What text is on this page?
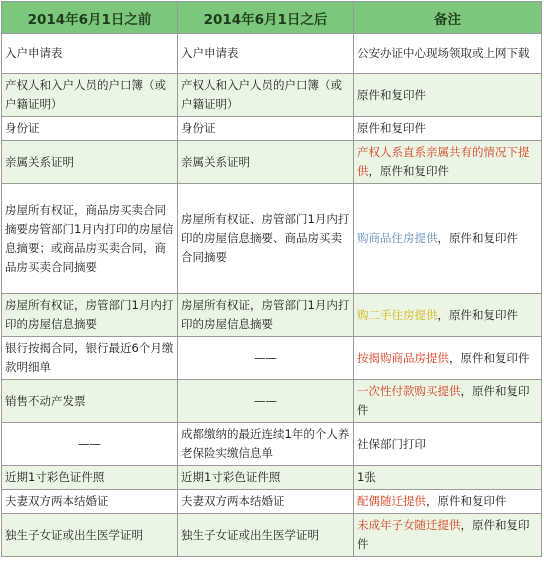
2014年6月1日之前	2014年6月1日之后	备注
入户申请表	入户申请表	公安办证中心现场领取或上网下载
产权人和入户人员的户口簿（或户籍证明）	产权人和入户人员的户口簿（或户籍证明）	原件和复印件
身份证	身份证	原件和复印件
亲属关系证明	亲属关系证明	产权人系直系亲属共有的情况下提供，原件和复印件
房屋所有权证，商品房买卖合同摘要房管部门1月内打印的房屋信息摘要；或商品房买卖合同，商品房买卖合同摘要	房屋所有权证、房管部门1月内打印的房屋信息摘要、商品房买卖合同摘要	购商品住房提供，原件和复印件
房屋所有权证，房管部门1月内打印的房屋信息摘要	房屋所有权证，房管部门1月内打印的房屋信息摘要	购二手住房提供，原件和复印件
银行按揭合同，银行最近6个月缴款明细单	——	按揭购商品房提供，原件和复印件
销售不动产发票	——	一次性付款购买提供，原件和复印件
——	成都缴纳的最近连续1年的个人养老保险实缴信息单	社保部门打印
近期1寸彩色证件照	近期1寸彩色证件照	1张
夫妻双方两本结婚证	夫妻双方两本结婚证	配偶随迁提供，原件和复印件
独生子女证或出生医学证明	独生子女证或出生医学证明	未成年子女随迁提供，原件和复印件
